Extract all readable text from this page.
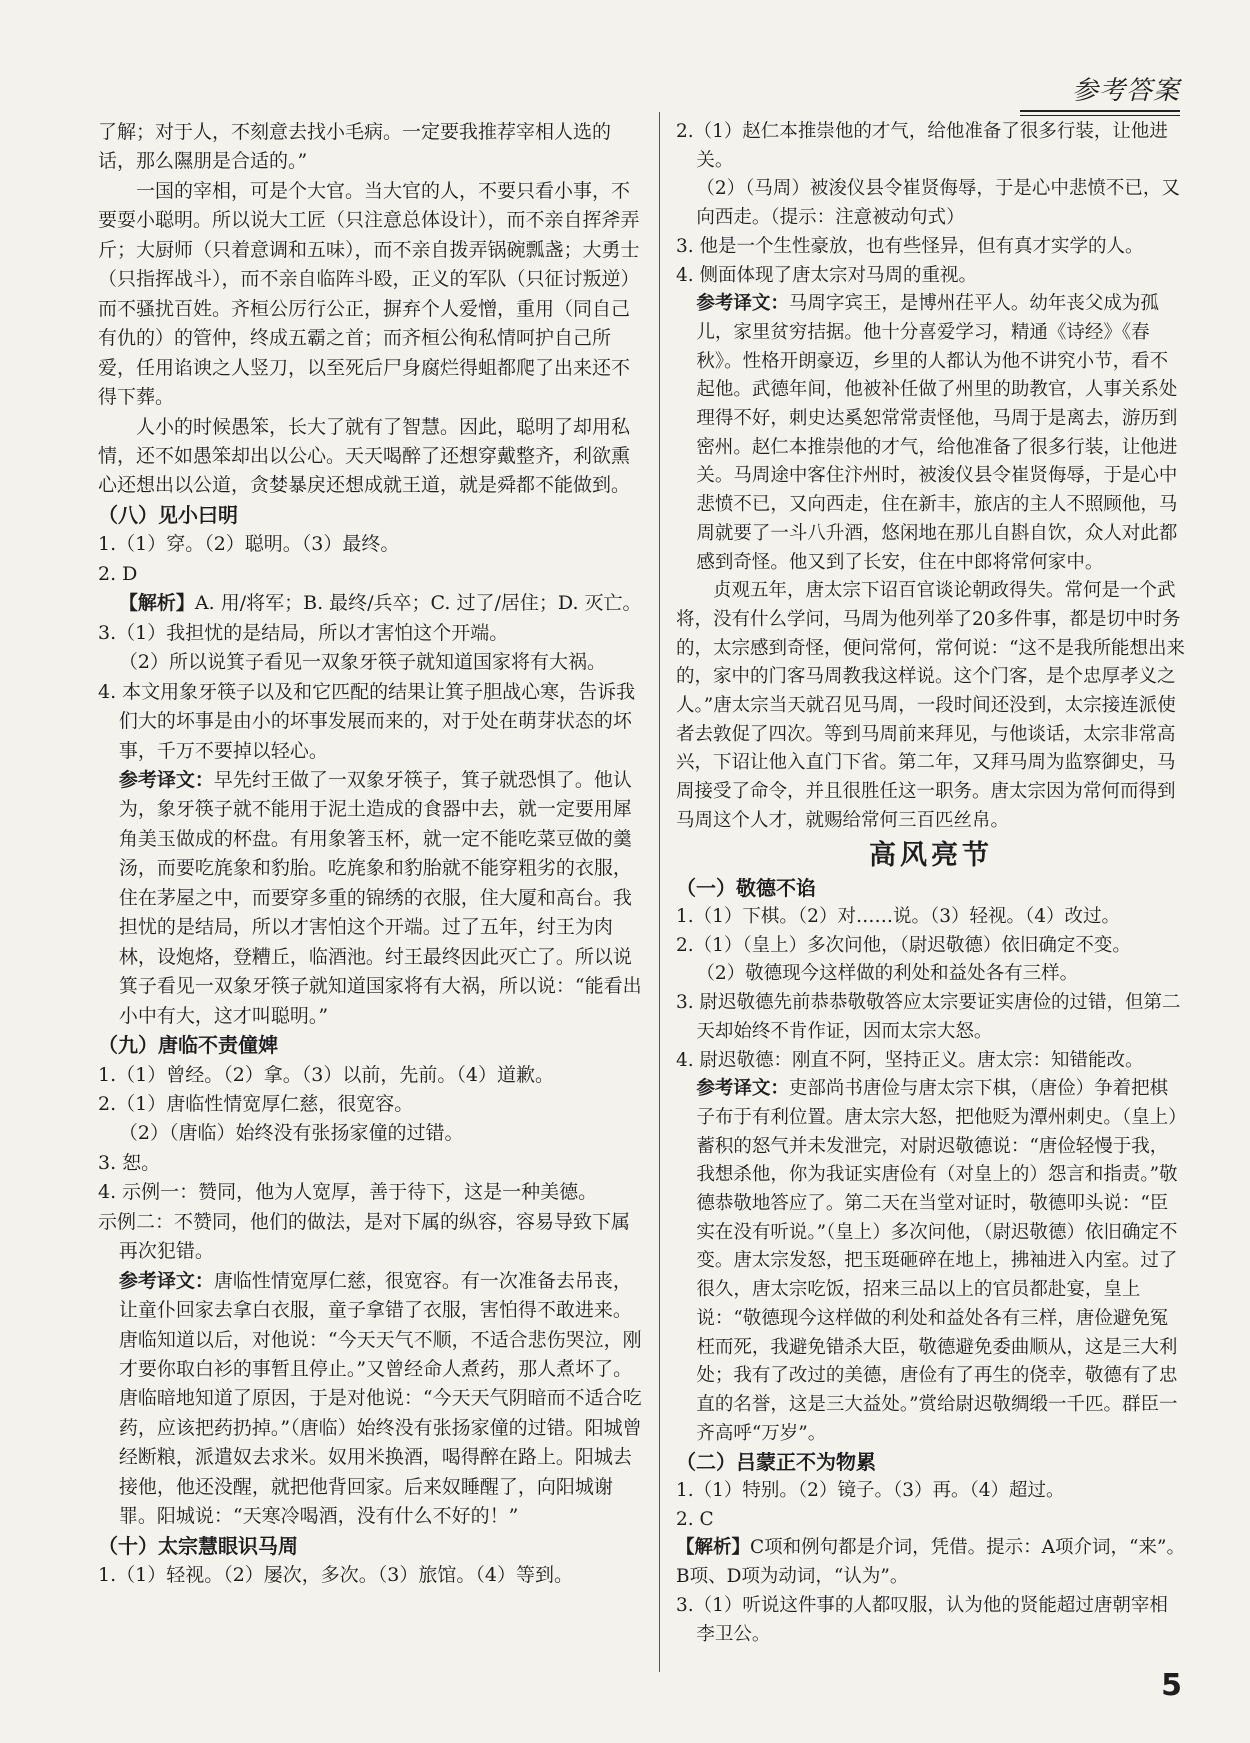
参考答案

了解；对于人，不刻意去找小毛病。一定要我推荐宰相人选的话，那么隰朋是合适的。”

一国的宰相，可是个大官。当大官的人，不要只看小事，不要耍小聪明。所以说大工匠（只注意总体设计），而不亲自挥斧弄斤；大厨师（只着意调和五味），而不亲自拨弄锅碗瓢盏；大勇士（只指挥战斗），而不亲自临阵斗殴，正义的军队（只征讨叛逆）而不骚扰百姓。齐桓公厉行公正，摒弃个人爱憎，重用（同自己有仇的）的管仲，终成五霸之首；而齐桓公徇私情呵护自己所爱，任用谄谀之人竖刀，以至死后尸身腐烂得蛆都爬了出来还不得下葬。

人小的时候愚笨，长大了就有了智慧。因此，聪明了却用私情，还不如愚笨却出以公心。天天喝醉了还想穿戴整齐，利欲熏心还想出以公道，贪婪暴戾还想成就王道，就是舜都不能做到。

（八）见小曰明

1.（1）穿。（2）聪明。（3）最终。

2. D

【解析】A. 用/将军；B. 最终/兵卒；C. 过了/居住；D. 灭亡。

3.（1）我担忧的是结局，所以才害怕这个开端。

（2）所以说箕子看见一双象牙筷子就知道国家将有大祸。

4. 本文用象牙筷子以及和它匹配的结果让箕子胆战心寒，告诉我们大的坏事是由小的坏事发展而来的，对于处在萌芽状态的坏事，千万不要掉以轻心。

参考译文：早先纣王做了一双象牙筷子，箕子就恐惧了。他认为，象牙筷子就不能用于泥土造成的食器中去，就一定要用犀角美玉做成的杯盘。有用象箸玉杯，就一定不能吃菜豆做的羹汤，而要吃旄象和豹胎。吃旄象和豹胎就不能穿粗劣的衣服，住在茅屋之中，而要穿多重的锦绣的衣服，住大厦和高台。我担忧的是结局，所以才害怕这个开端。过了五年，纣王为肉林，设炮烙，登糟丘，临酒池。纣王最终因此灭亡了。所以说箕子看见一双象牙筷子就知道国家将有大祸，所以说：“能看出小中有大，这才叫聪明。”

（九）唐临不责僮婢

1.（1）曾经。（2）拿。（3）以前，先前。（4）道歉。

2.（1）唐临性情宽厚仁慈，很宽容。

（2）（唐临）始终没有张扬家僮的过错。

3. 恕。

4. 示例一：赞同，他为人宽厚，善于待下，这是一种美德。

示例二：不赞同，他们的做法，是对下属的纵容，容易导致下属再次犯错。

参考译文：唐临性情宽厚仁慈，很宽容。有一次准备去吊丧，让童仆回家去拿白衣服，童子拿错了衣服，害怕得不敢进来。唐临知道以后，对他说：“今天天气不顺，不适合悲伤哭泣，刚才要你取白衫的事暂且停止。”又曾经命人煮药，那人煮坏了。唐临暗地知道了原因，于是对他说：“今天天气阴暗而不适合吃药，应该把药扔掉。”（唐临）始终没有张扬家僮的过错。阳城曾经断粮，派遣奴去求米。奴用米换酒，喝得醉在路上。阳城去接他，他还没醒，就把他背回家。后来奴睡醒了，向阳城谢罪。阳城说：“天寒冷喝酒，没有什么不好的！”

（十）太宗慧眼识马周

1.（1）轻视。（2）屡次，多次。（3）旅馆。（4）等到。

2.（1）赵仁本推崇他的才气，给他准备了很多行装，让他进关。

（2）（马周）被浚仪县令崔贤侮辱，于是心中悲愤不已，又向西走。（提示：注意被动句式）

3. 他是一个生性豪放，也有些怪异，但有真才实学的人。

4. 侧面体现了唐太宗对马周的重视。

参考译文：马周字宾王，是博州茌平人。幼年丧父成为孤儿，家里贫穷拮据。他十分喜爱学习，精通《诗经》《春秋》。性格开朗豪迈，乡里的人都认为他不讲究小节，看不起他。武德年间，他被补任做了州里的助教官，人事关系处理得不好，刺史达奚恕常常责怪他，马周于是离去，游历到密州。赵仁本推崇他的才气，给他准备了很多行装，让他进关。马周途中客住汴州时，被浚仪县令崔贤侮辱，于是心中悲愤不已，又向西走，住在新丰，旅店的主人不照顾他，马周就要了一斗八升酒，悠闲地在那儿自斟自饮，众人对此都感到奇怪。他又到了长安，住在中郎将常何家中。

贞观五年，唐太宗下诏百官谈论朝政得失。常何是一个武将，没有什么学问，马周为他列举了20多件事，都是切中时务的，太宗感到奇怪，便问常何，常何说：“这不是我所能想出来的，家中的门客马周教我这样说。这个门客，是个忠厚孝义之人。”唐太宗当天就召见马周，一段时间还没到，太宗接连派使者去敦促了四次。等到马周前来拜见，与他谈话，太宗非常高兴，下诏让他入直门下省。第二年，又拜马周为监察御史，马周接受了命令，并且很胜任这一职务。唐太宗因为常何而得到马周这个人才，就赐给常何三百匹丝帛。

高风亮节

（一）敬德不谄

1.（1）下棋。（2）对……说。（3）轻视。（4）改过。

2.（1）（皇上）多次问他，（尉迟敬德）依旧确定不变。

（2）敬德现今这样做的利处和益处各有三样。

3. 尉迟敬德先前恭恭敬敬答应太宗要证实唐俭的过错，但第二天却始终不肯作证，因而太宗大怒。

4. 尉迟敬德：刚直不阿，坚持正义。唐太宗：知错能改。

参考译文：吏部尚书唐俭与唐太宗下棋，（唐俭）争着把棋子布于有利位置。唐太宗大怒，把他贬为潭州刺史。（皇上）蓄积的怒气并未发泄完，对尉迟敬德说：“唐俭轻慢于我，我想杀他，你为我证实唐俭有（对皇上的）怨言和指责。”敬德恭敬地答应了。第二天在当堂对证时，敬德叩头说：“臣实在没有听说。”（皇上）多次问他，（尉迟敬德）依旧确定不变。唐太宗发怒，把玉珽砸碎在地上，拂袖进入内室。过了很久，唐太宗吃饭，招来三品以上的官员都赴宴，皇上说：“敬德现今这样做的利处和益处各有三样，唐俭避免冤枉而死，我避免错杀大臣，敬德避免委曲顺从，这是三大利处；我有了改过的美德，唐俭有了再生的侥幸，敬德有了忠直的名誉，这是三大益处。”赏给尉迟敬绸缎一千匹。群臣一齐高呼“万岁”。

（二）吕蒙正不为物累

1.（1）特别。（2）镜子。（3）再。（4）超过。

2. C

【解析】C项和例句都是介词，凭借。提示：A项介词，“来”。B项、D项为动词，“认为”。

3.（1）听说这件事的人都叹服，认为他的贤能超过唐朝宰相李卫公。

5
